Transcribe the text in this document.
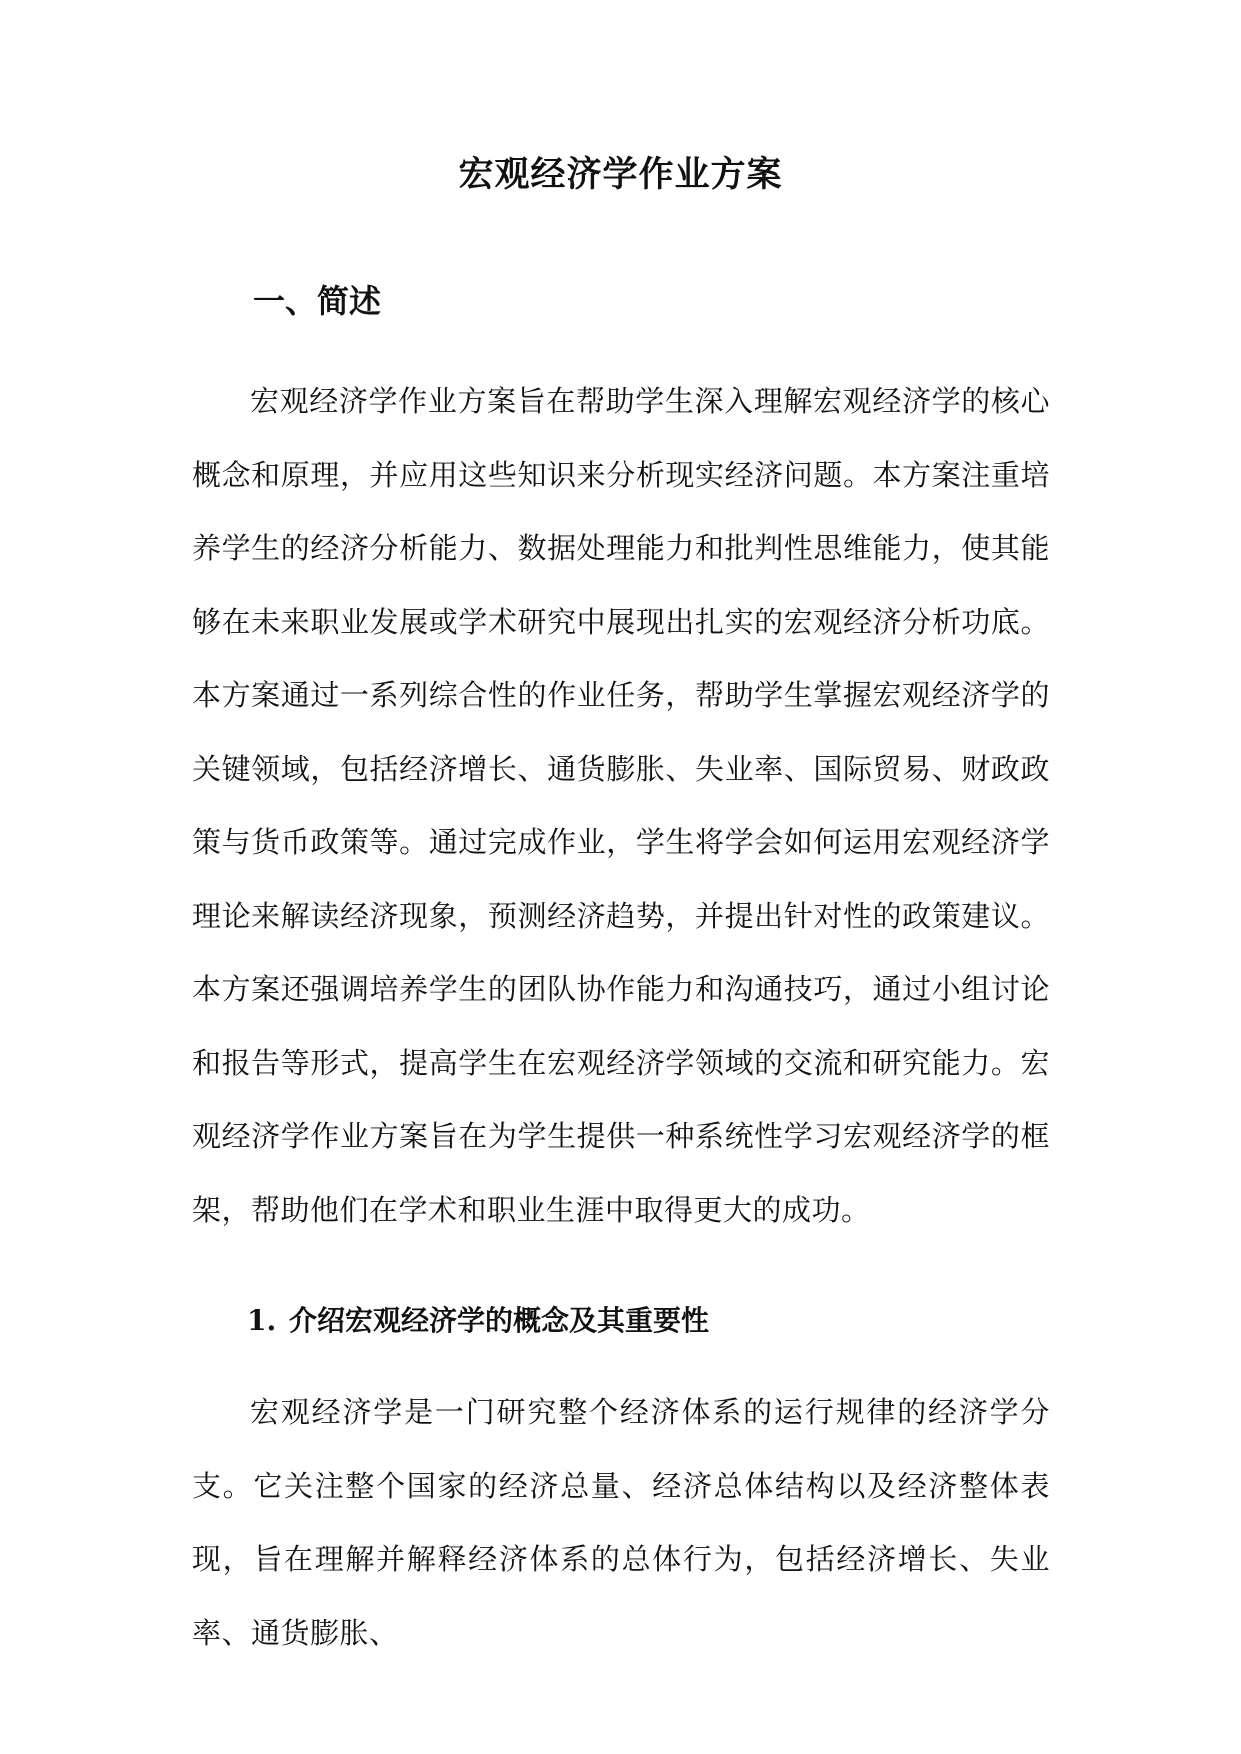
宏观经济学作业方案
一、简述

宏观经济学作业方案旨在帮助学生深入理解宏观经济学的核心概念和原理，并应用这些知识来分析现实经济问题。本方案注重培养学生的经济分析能力、数据处理能力和批判性思维能力，使其能够在未来职业发展或学术研究中展现出扎实的宏观经济分析功底。本方案通过一系列综合性的作业任务，帮助学生掌握宏观经济学的关键领域，包括经济增长、通货膨胀、失业率、国际贸易、财政政策与货币政策等。通过完成作业，学生将学会如何运用宏观经济学理论来解读经济现象，预测经济趋势，并提出针对性的政策建议。本方案还强调培养学生的团队协作能力和沟通技巧，通过小组讨论和报告等形式，提高学生在宏观经济学领域的交流和研究能力。宏观经济学作业方案旨在为学生提供一种系统性学习宏观经济学的框架，帮助他们在学术和职业生涯中取得更大的成功。

1. 介绍宏观经济学的概念及其重要性

宏观经济学是一门研究整个经济体系的运行规律的经济学分支。它关注整个国家的经济总量、经济总体结构以及经济整体表现，旨在理解并解释经济体系的总体行为，包括经济增长、失业率、通货膨胀、
